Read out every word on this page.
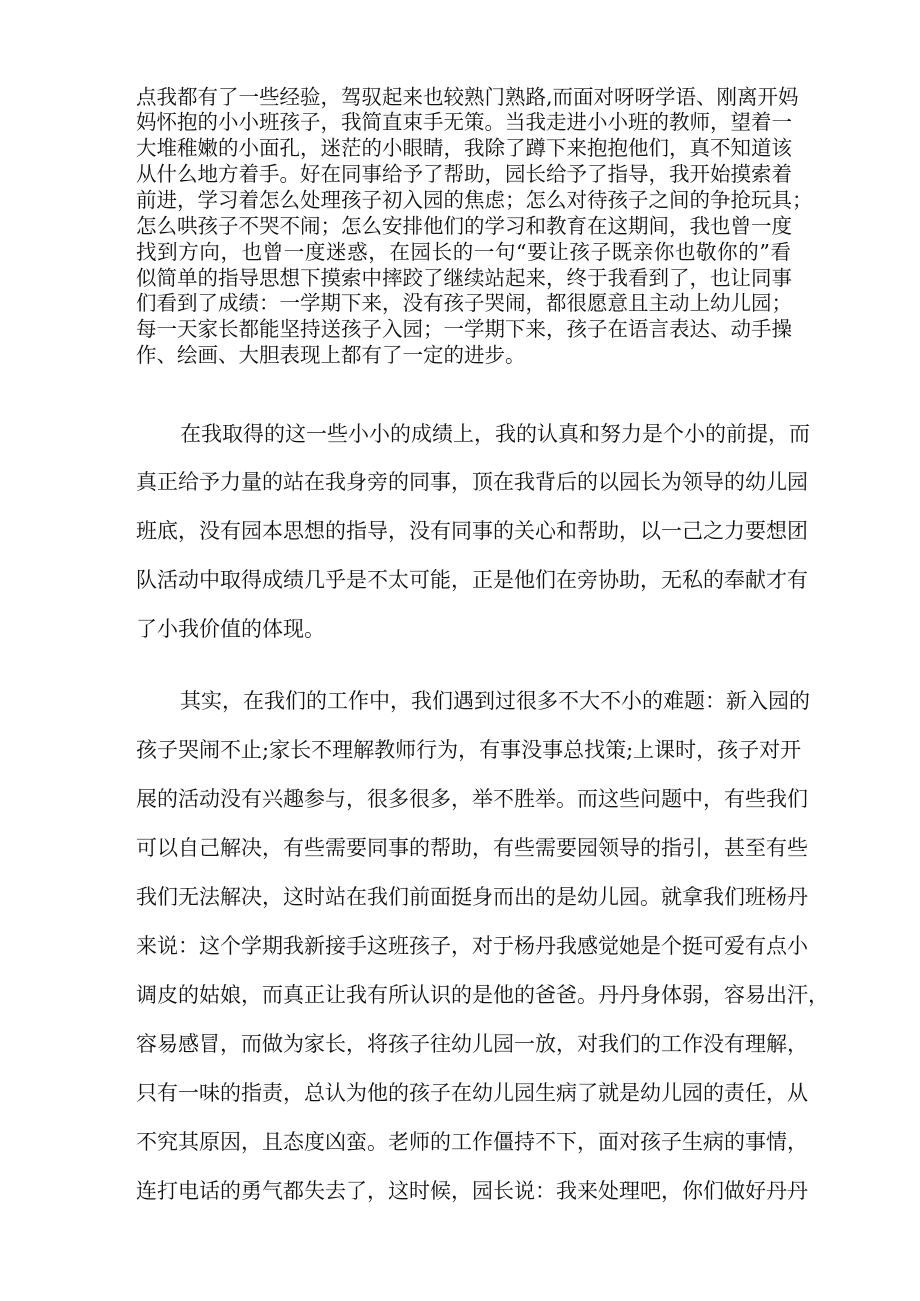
点我都有了一些经验，驾驭起来也较熟门熟路,而面对呀呀学语、刚离开妈
妈怀抱的小小班孩子，我简直束手无策。当我走进小小班的教师，望着一
大堆稚嫩的小面孔，迷茫的小眼睛，我除了蹲下来抱抱他们，真不知道该
从什么地方着手。好在同事给予了帮助，园长给予了指导，我开始摸索着
前进，学习着怎么处理孩子初入园的焦虑；怎么对待孩子之间的争抢玩具；
怎么哄孩子不哭不闹；怎么安排他们的学习和教育在这期间，我也曾一度
找到方向，也曾一度迷惑，在园长的一句“要让孩子既亲你也敬你的”看
似简单的指导思想下摸索中摔跤了继续站起来，终于我看到了，也让同事
们看到了成绩：一学期下来，没有孩子哭闹，都很愿意且主动上幼儿园；
每一天家长都能坚持送孩子入园；一学期下来，孩子在语言表达、动手操
作、绘画、大胆表现上都有了一定的进步。
在我取得的这一些小小的成绩上，我的认真和努力是个小的前提，而
真正给予力量的站在我身旁的同事，顶在我背后的以园长为领导的幼儿园
班底，没有园本思想的指导，没有同事的关心和帮助，以一己之力要想团
队活动中取得成绩几乎是不太可能，正是他们在旁协助，无私的奉献才有
了小我价值的体现。
其实，在我们的工作中，我们遇到过很多不大不小的难题：新入园的
孩子哭闹不止;家长不理解教师行为，有事没事总找策;上课时，孩子对开
展的活动没有兴趣参与，很多很多，举不胜举。而这些问题中，有些我们
可以自己解决，有些需要同事的帮助，有些需要园领导的指引，甚至有些
我们无法解决，这时站在我们前面挺身而出的是幼儿园。就拿我们班杨丹
来说：这个学期我新接手这班孩子，对于杨丹我感觉她是个挺可爱有点小
调皮的姑娘，而真正让我有所认识的是他的爸爸。丹丹身体弱，容易出汗，
容易感冒，而做为家长，将孩子往幼儿园一放，对我们的工作没有理解，
只有一味的指责，总认为他的孩子在幼儿园生病了就是幼儿园的责任，从
不究其原因，且态度凶蛮。老师的工作僵持不下，面对孩子生病的事情，
连打电话的勇气都失去了，这时候，园长说：我来处理吧，你们做好丹丹
